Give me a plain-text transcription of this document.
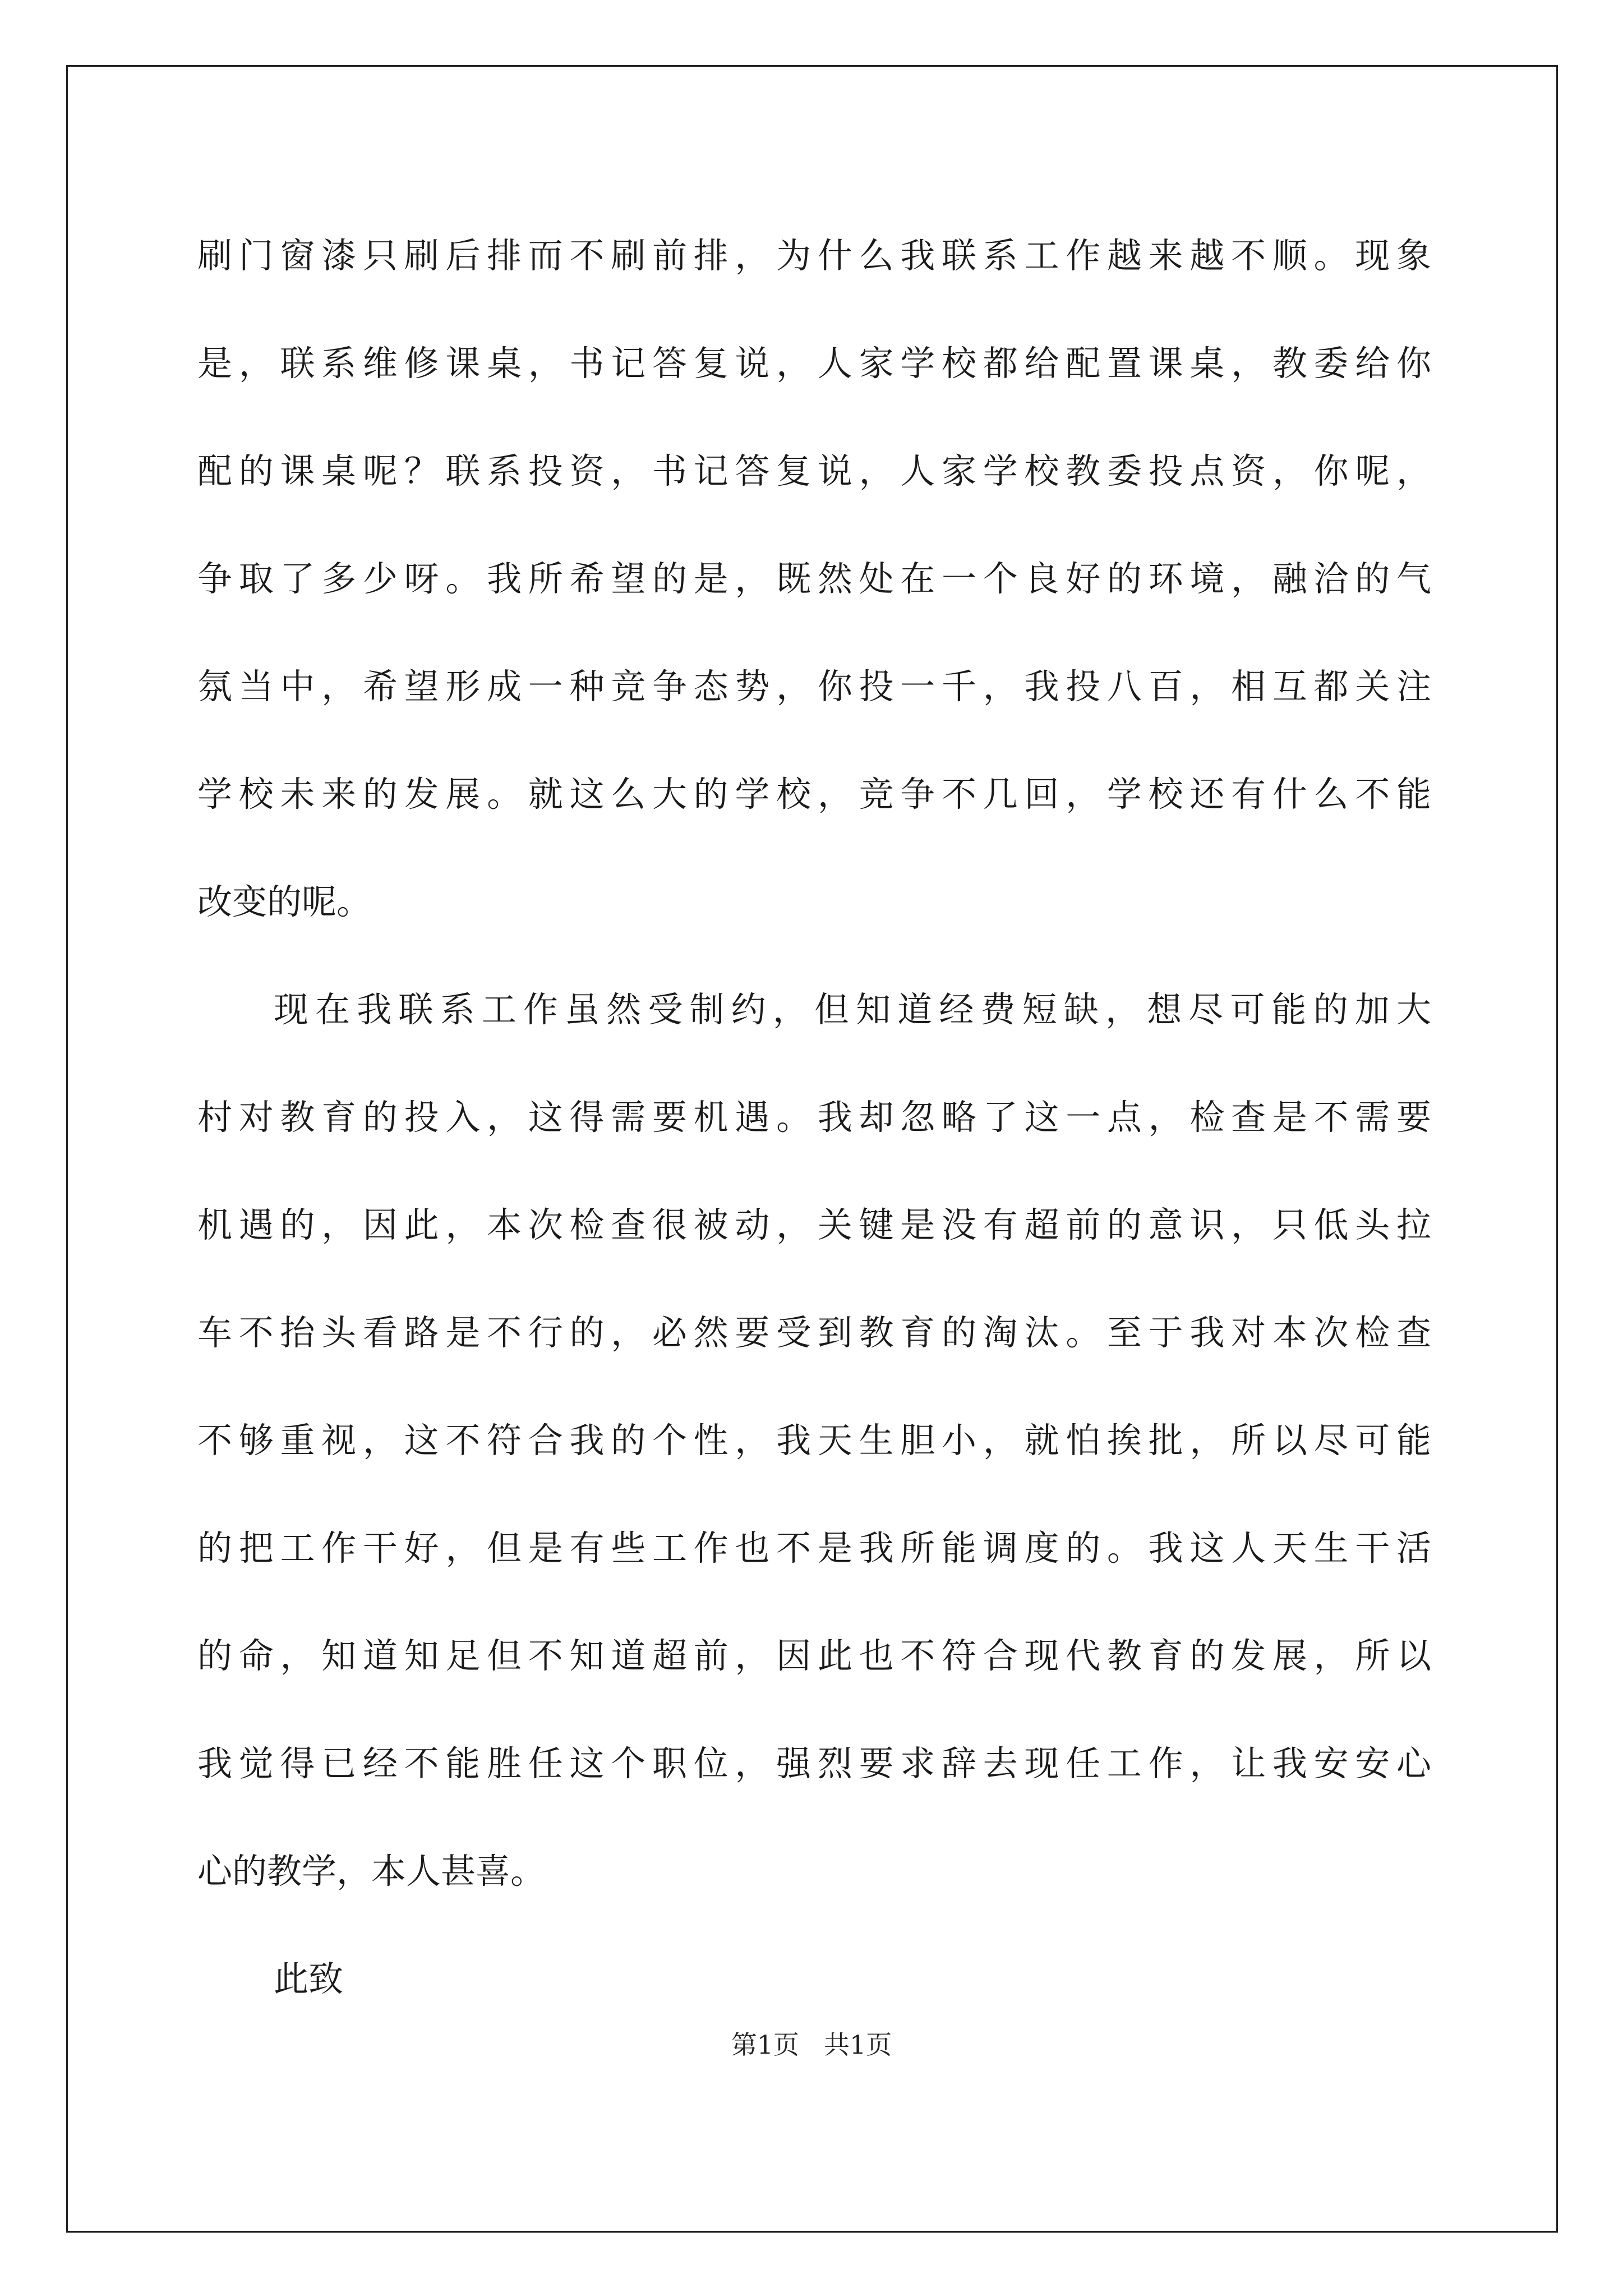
刷门窗漆只刷后排而不刷前排，为什么我联系工作越来越不顺。现象
是，联系维修课桌，书记答复说，人家学校都给配置课桌，教委给你
配的课桌呢？联系投资，书记答复说，人家学校教委投点资，你呢，
争取了多少呀。我所希望的是，既然处在一个良好的环境，融洽的气
氛当中，希望形成一种竞争态势，你投一千，我投八百，相互都关注
学校未来的发展。就这么大的学校，竞争不几回，学校还有什么不能
改变的呢。
现在我联系工作虽然受制约，但知道经费短缺，想尽可能的加大
村对教育的投入，这得需要机遇。我却忽略了这一点，检查是不需要
机遇的，因此，本次检查很被动，关键是没有超前的意识，只低头拉
车不抬头看路是不行的，必然要受到教育的淘汰。至于我对本次检查
不够重视，这不符合我的个性，我天生胆小，就怕挨批，所以尽可能
的把工作干好，但是有些工作也不是我所能调度的。我这人天生干活
的命，知道知足但不知道超前，因此也不符合现代教育的发展，所以
我觉得已经不能胜任这个职位，强烈要求辞去现任工作，让我安安心
心的教学，本人甚喜。
此致
第1页 共1页
